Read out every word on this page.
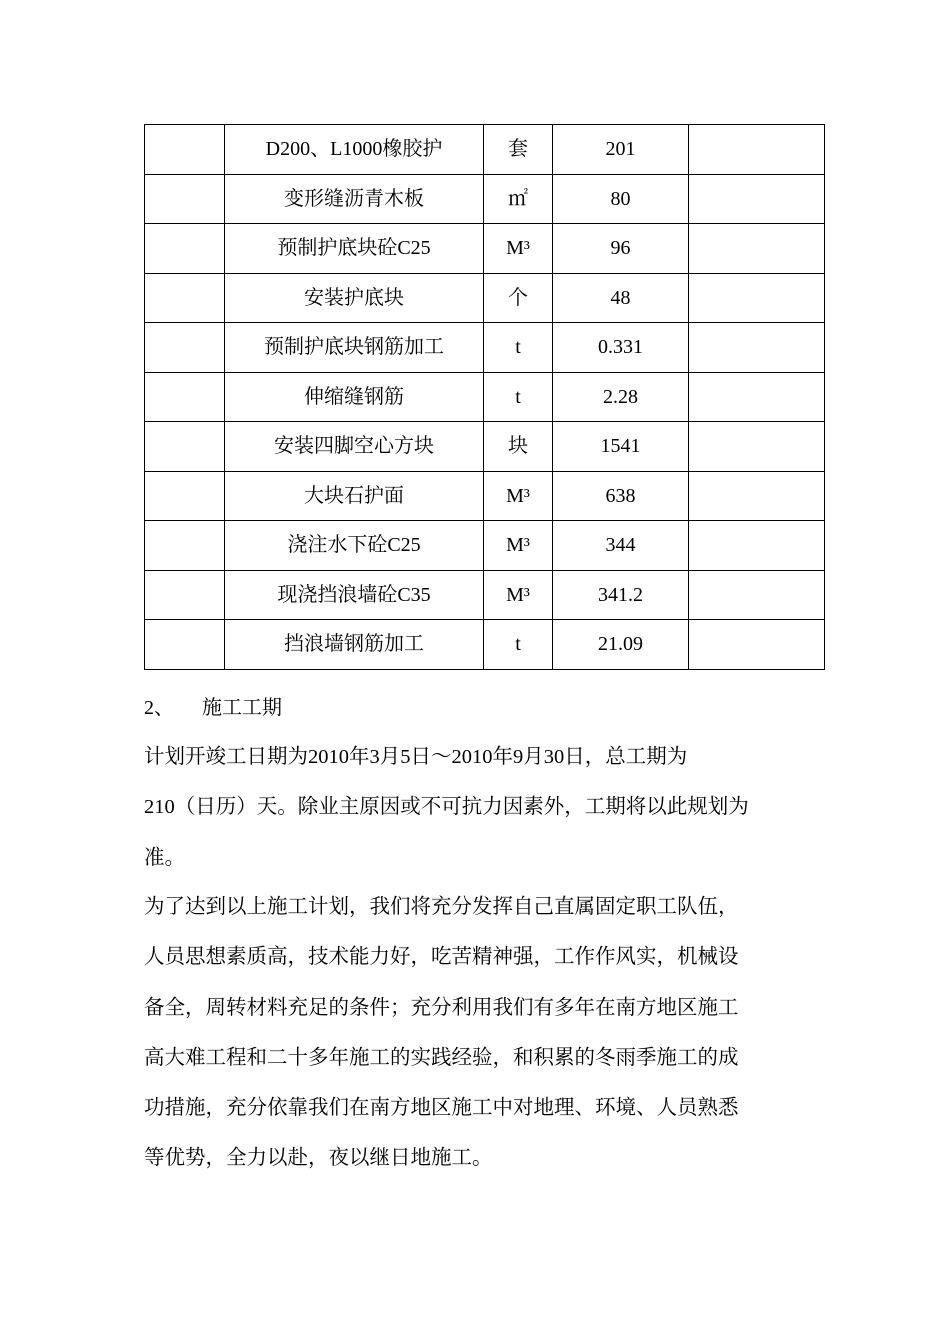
	D200、L1000橡胶护	套	201	
	变形缝沥青木板	㎡	80	
	预制护底块砼C25	M³	96	
	安装护底块	个	48	
	预制护底块钢筋加工	t	0.331	
	伸缩缝钢筋	t	2.28	
	安装四脚空心方块	块	1541	
	大块石护面	M³	638	
	浇注水下砼C25	M³	344	
	现浇挡浪墙砼C35	M³	341.2	
	挡浪墙钢筋加工	t	21.09	
2、 施工工期
计划开竣工日期为2010年3月5日～2010年9月30日，总工期为
210（日历）天。除业主原因或不可抗力因素外，工期将以此规划为
准。
为了达到以上施工计划，我们将充分发挥自己直属固定职工队伍，
人员思想素质高，技术能力好，吃苦精神强，工作作风实，机械设
备全，周转材料充足的条件；充分利用我们有多年在南方地区施工
高大难工程和二十多年施工的实践经验，和积累的冬雨季施工的成
功措施，充分依靠我们在南方地区施工中对地理、环境、人员熟悉
等优势，全力以赴，夜以继日地施工。
